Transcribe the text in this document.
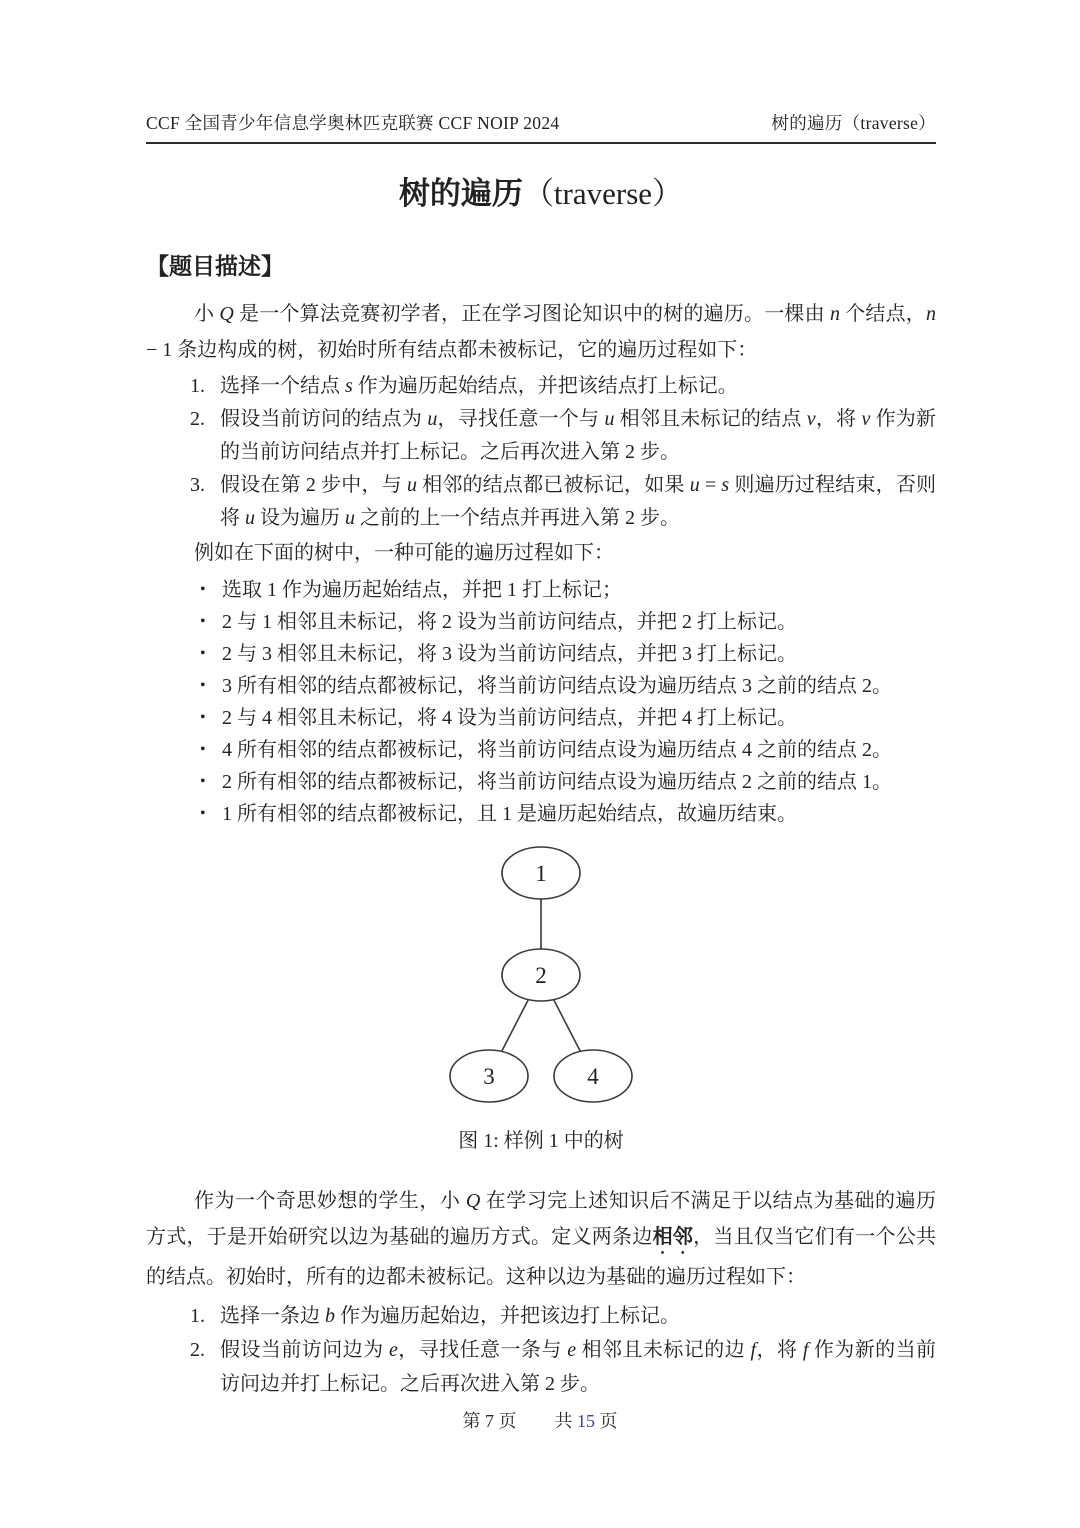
CCF 全国青少年信息学奥林匹克联赛 CCF NOIP 2024	树的遍历（traverse）
树的遍历（traverse）
【题目描述】
小 Q 是一个算法竞赛初学者，正在学习图论知识中的树的遍历。一棵由 n 个结点，n − 1 条边构成的树，初始时所有结点都未被标记，它的遍历过程如下：
1. 选择一个结点 s 作为遍历起始结点，并把该结点打上标记。
2. 假设当前访问的结点为 u，寻找任意一个与 u 相邻且未标记的结点 v，将 v 作为新的当前访问结点并打上标记。之后再次进入第 2 步。
3. 假设在第 2 步中，与 u 相邻的结点都已被标记，如果 u = s 则遍历过程结束，否则将 u 设为遍历 u 之前的上一个结点并再进入第 2 步。
例如在下面的树中，一种可能的遍历过程如下：
• 选取 1 作为遍历起始结点，并把 1 打上标记；
• 2 与 1 相邻且未标记，将 2 设为当前访问结点，并把 2 打上标记。
• 2 与 3 相邻且未标记，将 3 设为当前访问结点，并把 3 打上标记。
• 3 所有相邻的结点都被标记，将当前访问结点设为遍历结点 3 之前的结点 2。
• 2 与 4 相邻且未标记，将 4 设为当前访问结点，并把 4 打上标记。
• 4 所有相邻的结点都被标记，将当前访问结点设为遍历结点 4 之前的结点 2。
• 2 所有相邻的结点都被标记，将当前访问结点设为遍历结点 2 之前的结点 1。
• 1 所有相邻的结点都被标记，且 1 是遍历起始结点，故遍历结束。
1
2
3	4
图 1: 样例 1 中的树
作为一个奇思妙想的学生，小 Q 在学习完上述知识后不满足于以结点为基础的遍历方式，于是开始研究以边为基础的遍历方式。定义两条边相邻，当且仅当它们有一个公共的结点。初始时，所有的边都未被标记。这种以边为基础的遍历过程如下：
1. 选择一条边 b 作为遍历起始边，并把该边打上标记。
2. 假设当前访问边为 e，寻找任意一条与 e 相邻且未标记的边 f，将 f 作为新的当前访问边并打上标记。之后再次进入第 2 步。
第 7 页 共 15 页
